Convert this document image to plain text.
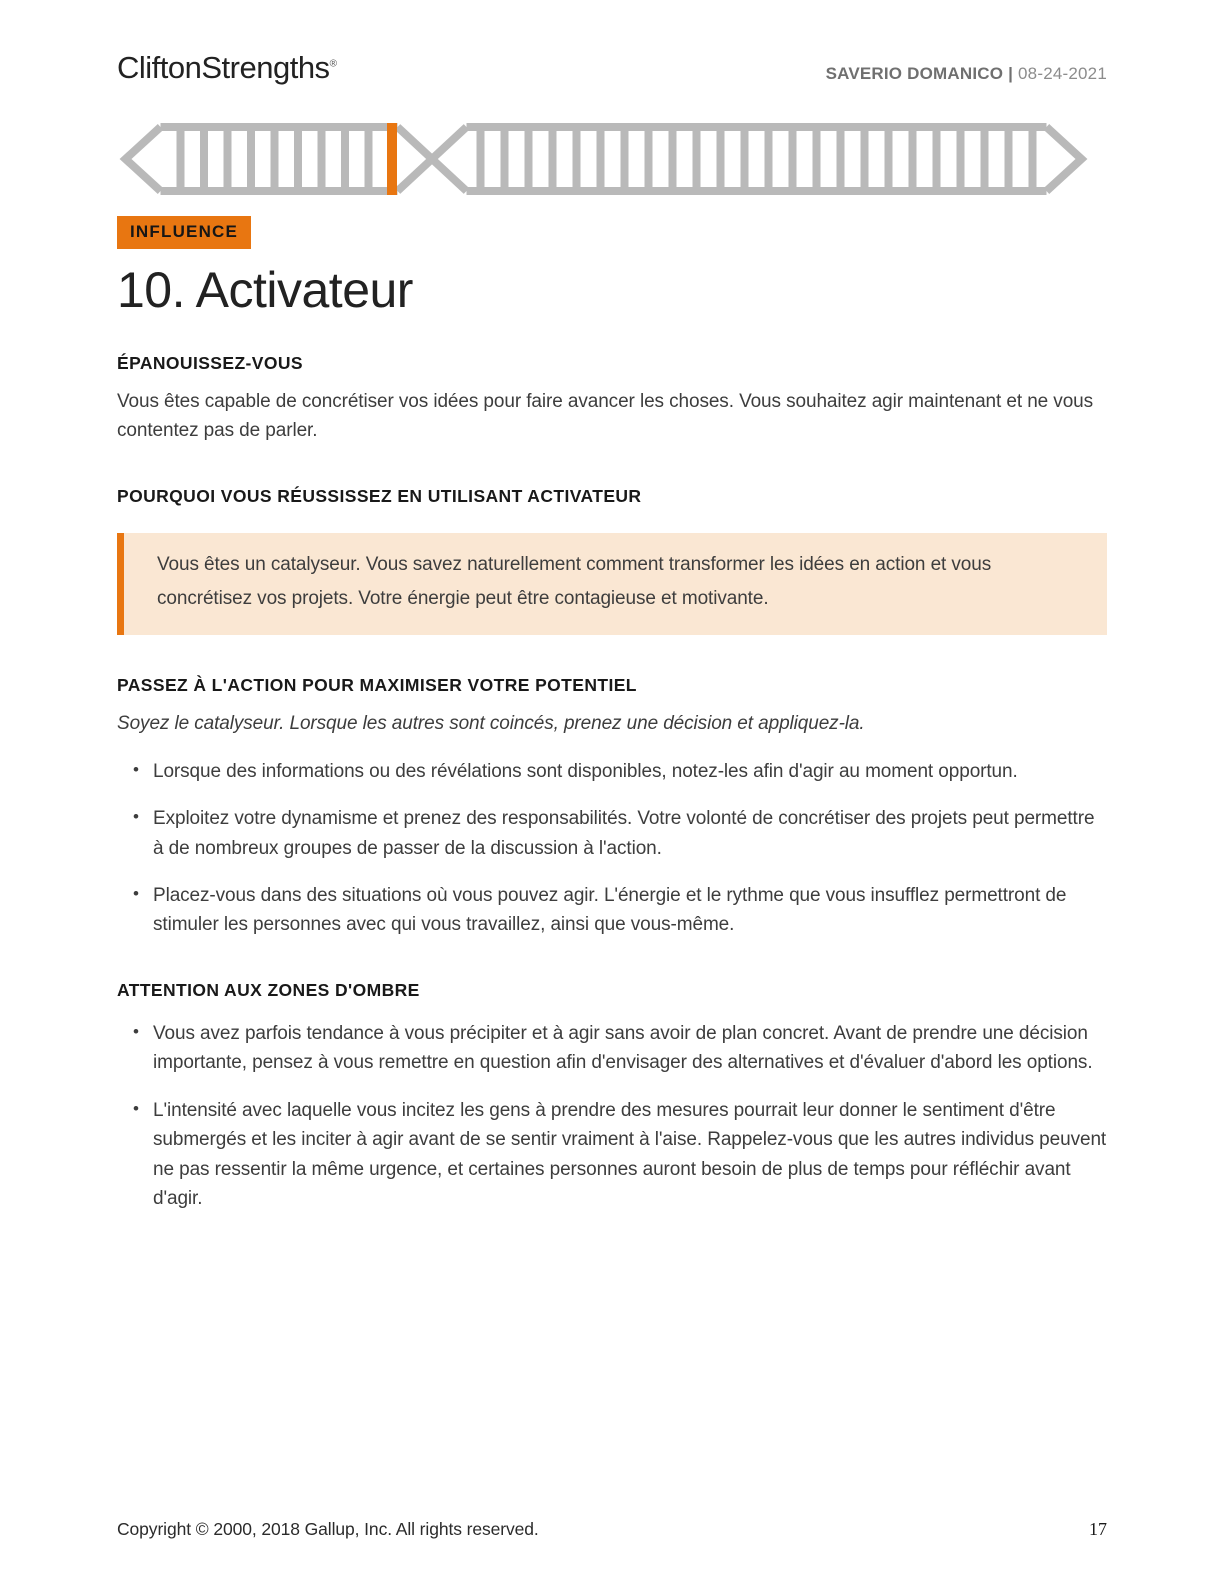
CliftonStrengths®	SAVERIO DOMANICO | 08-24-2021
INFLUENCE
10. Activateur
ÉPANOUISSEZ-VOUS

Vous êtes capable de concrétiser vos idées pour faire avancer les choses. Vous souhaitez agir maintenant et ne vous contentez pas de parler.

POURQUOI VOUS RÉUSSISSEZ EN UTILISANT ACTIVATEUR

Vous êtes un catalyseur. Vous savez naturellement comment transformer les idées en action et vous concrétisez vos projets. Votre énergie peut être contagieuse et motivante.

PASSEZ À L'ACTION POUR MAXIMISER VOTRE POTENTIEL

Soyez le catalyseur. Lorsque les autres sont coincés, prenez une décision et appliquez-la.

• Lorsque des informations ou des révélations sont disponibles, notez-les afin d'agir au moment opportun.
• Exploitez votre dynamisme et prenez des responsabilités. Votre volonté de concrétiser des projets peut permettre à de nombreux groupes de passer de la discussion à l'action.
• Placez-vous dans des situations où vous pouvez agir. L'énergie et le rythme que vous insufflez permettront de stimuler les personnes avec qui vous travaillez, ainsi que vous-même.
ATTENTION AUX ZONES D'OMBRE
• Vous avez parfois tendance à vous précipiter et à agir sans avoir de plan concret. Avant de prendre une décision importante, pensez à vous remettre en question afin d'envisager des alternatives et d'évaluer d'abord les options.
• L'intensité avec laquelle vous incitez les gens à prendre des mesures pourrait leur donner le sentiment d'être submergés et les inciter à agir avant de se sentir vraiment à l'aise. Rappelez-vous que les autres individus peuvent ne pas ressentir la même urgence, et certaines personnes auront besoin de plus de temps pour réfléchir avant d'agir.
Copyright © 2000, 2018 Gallup, Inc. All rights reserved.	17
